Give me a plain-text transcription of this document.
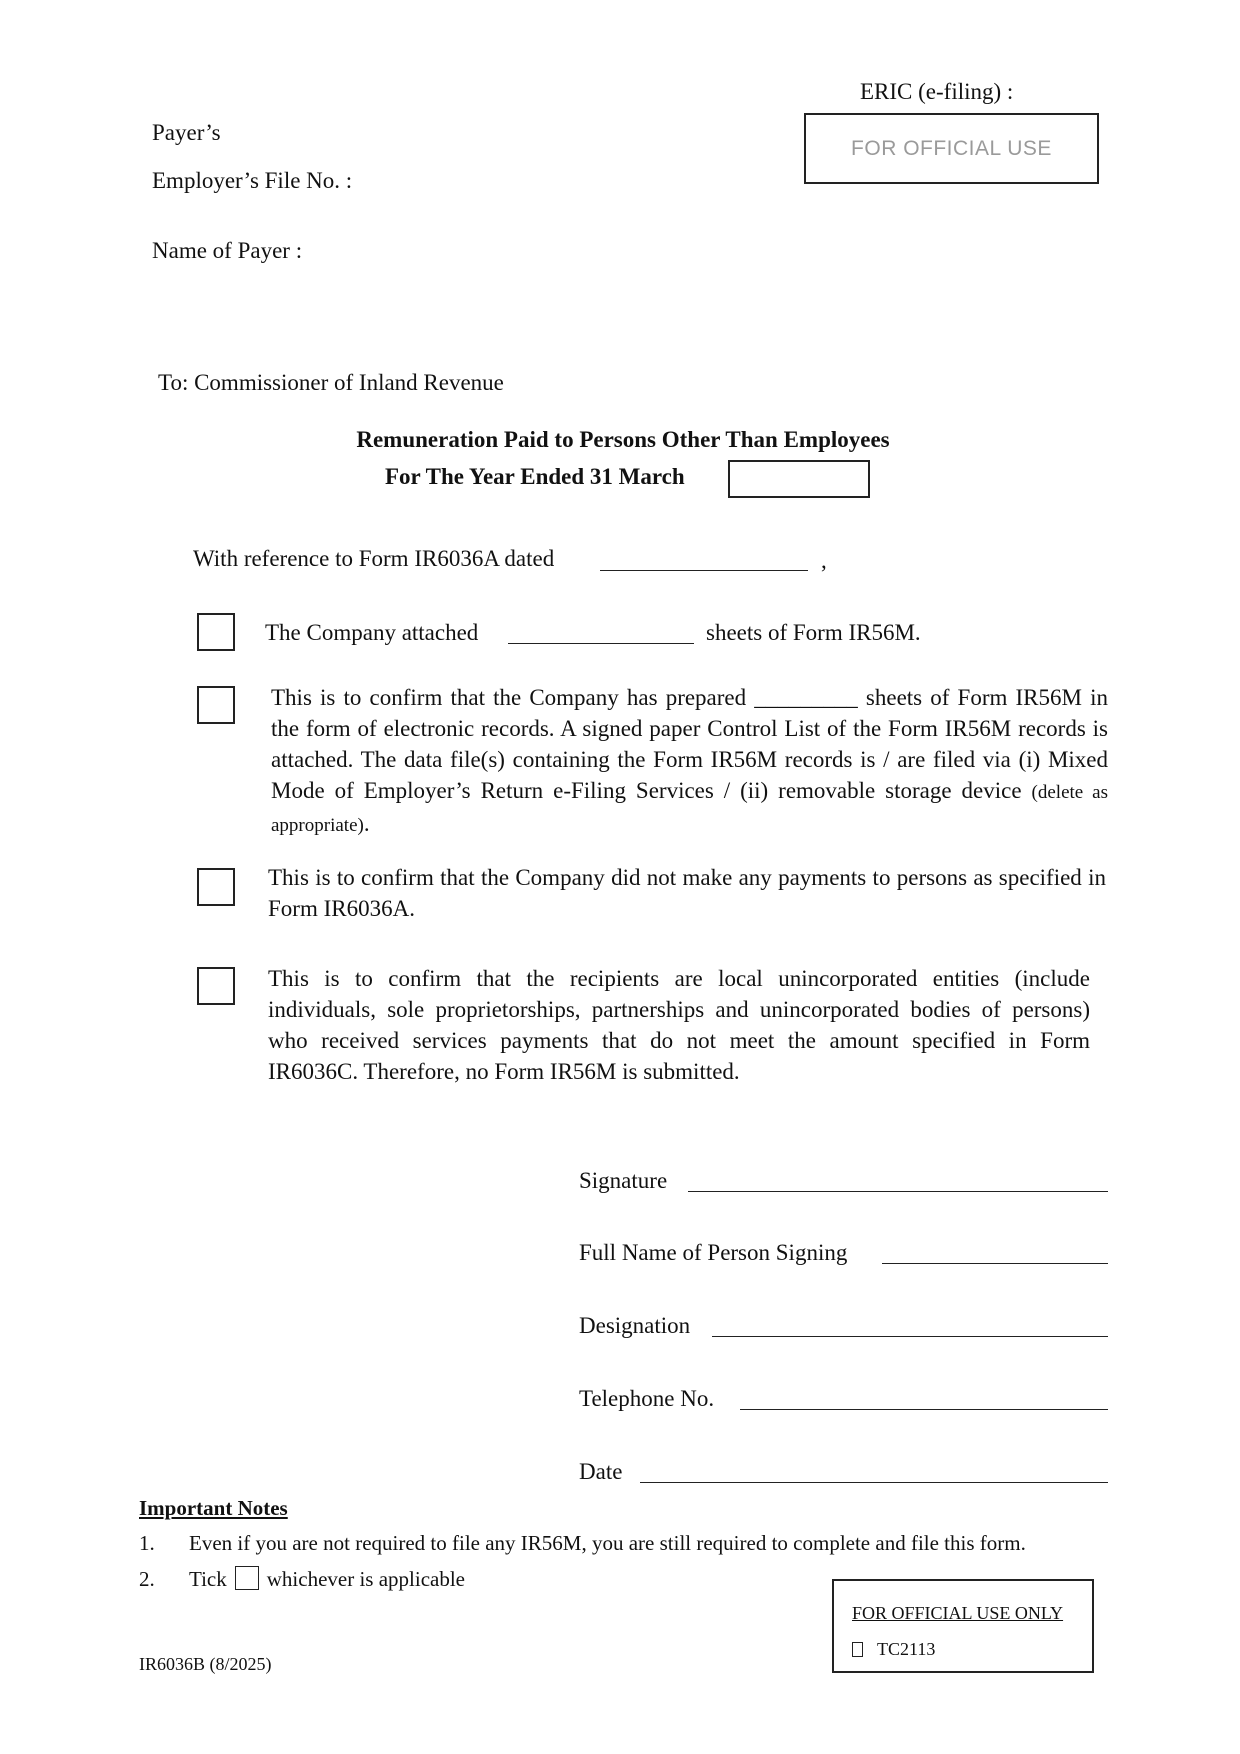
ERIC (e-filing) :
FOR OFFICIAL USE
Payer’s
Employer’s File No. :
Name of Payer :
To: Commissioner of Inland Revenue
Remuneration Paid to Persons Other Than Employees
For The Year Ended 31 March
With reference to Form IR6036A dated	,
The Company attached	sheets of Form IR56M.
This is to confirm that the Company has prepared _________ sheets of Form IR56M in the form of electronic records. A signed paper Control List of the Form IR56M records is attached. The data file(s) containing the Form IR56M records is / are filed via (i) Mixed Mode of Employer’s Return e-Filing Services / (ii) removable storage device (delete as appropriate).
This is to confirm that the Company did not make any payments to persons as specified in Form IR6036A.
This is to confirm that the recipients are local unincorporated entities (include individuals, sole proprietorships, partnerships and unincorporated bodies of persons) who received services payments that do not meet the amount specified in Form IR6036C. Therefore, no Form IR56M is submitted.
Signature
Full Name of Person Signing
Designation
Telephone No.
Date
Important Notes
1. Even if you are not required to file any IR56M, you are still required to complete and file this form.
2. Tick whichever is applicable
FOR OFFICIAL USE ONLY
TC2113
IR6036B (8/2025)
